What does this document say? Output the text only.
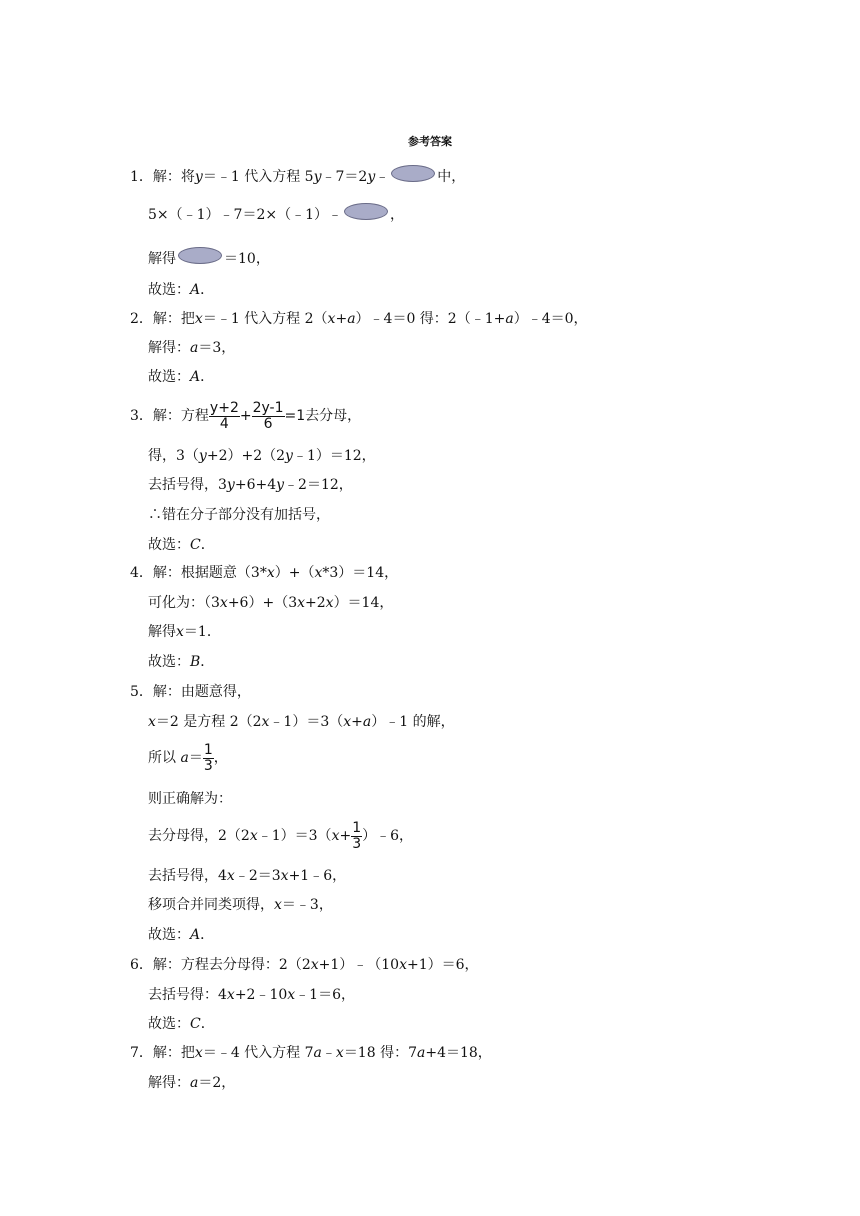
参考答案
1．解：将y＝﹣1 代入方程 5y﹣7＝2y﹣	中，
5×（﹣1）﹣7＝2×（﹣1）﹣	，
解得	＝10，
故选：A．
2．解：把x＝﹣1 代入方程 2（x+a）﹣4＝0 得：2（﹣1+a）﹣4＝0，
解得：a＝3，
故选：A．
3．解：方程 $\frac{y+2}{4} + \frac{2y-1}{6} =1$去分母，
得，3（y+2）+2（2y﹣1）＝12，
去括号得，3y+6+4y﹣2＝12，
∴错在分子部分没有加括号，
故选：C．
4．解：根据题意（3*x）+（x*3）＝14，
可化为：（3x+6）+（3x+2x）＝14，
解得x＝1．
故选：B．
5．解：由题意得，
x＝2 是方程 2（2x﹣1）＝3（x+a）﹣1 的解，
所以 $a= \frac{1}{3}$ ，
则正确解为：
去分母得，2（2x﹣1）＝3（x+ $\frac{1}{3}$ ）﹣6，
去括号得，4x﹣2＝3x+1﹣6，
移项合并同类项得，x＝﹣3，
故选：A．
6．解：方程去分母得：2（2x+1）﹣（10x+1）＝6，
去括号得：4x+2﹣10x﹣1＝6，
故选：C．
7．解：把x＝﹣4 代入方程 7a﹣x＝18 得：7a+4＝18，
解得：a＝2，
